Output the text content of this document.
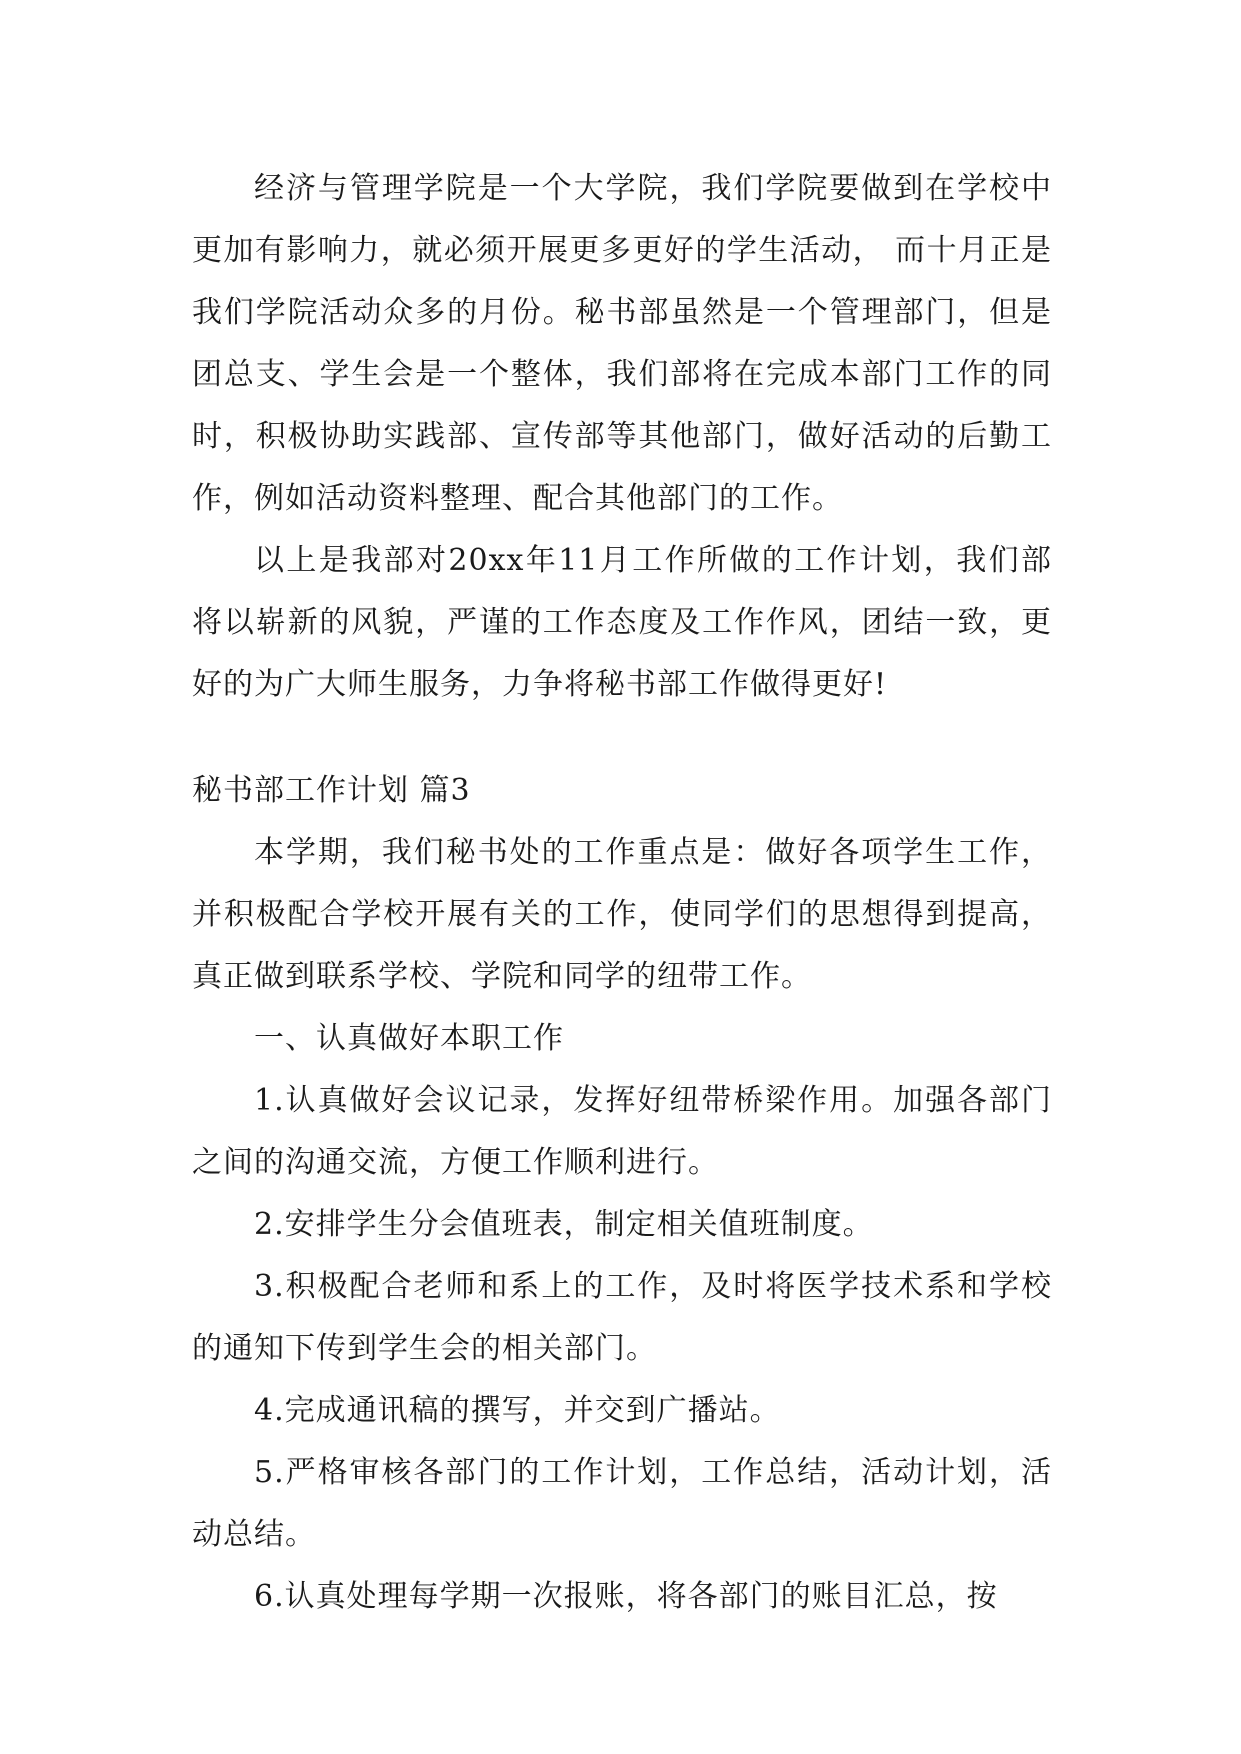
经济与管理学院是一个大学院，我们学院要做到在学校中更加有影响力，就必须开展更多更好的学生活动， 而十月正是我们学院活动众多的月份。秘书部虽然是一个管理部门，但是团总支、学生会是一个整体，我们部将在完成本部门工作的同时，积极协助实践部、宣传部等其他部门，做好活动的后勤工作，例如活动资料整理、配合其他部门的工作。

以上是我部对20xx年11月工作所做的工作计划，我们部将以崭新的风貌，严谨的工作态度及工作作风，团结一致，更好的为广大师生服务，力争将秘书部工作做得更好!

秘书部工作计划 篇3

本学期，我们秘书处的工作重点是：做好各项学生工作，并积极配合学校开展有关的工作，使同学们的思想得到提高，真正做到联系学校、学院和同学的纽带工作。

一、认真做好本职工作

1.认真做好会议记录，发挥好纽带桥梁作用。加强各部门之间的沟通交流，方便工作顺利进行。

2.安排学生分会值班表，制定相关值班制度。

3.积极配合老师和系上的工作，及时将医学技术系和学校的通知下传到学生会的相关部门。

4.完成通讯稿的撰写，并交到广播站。

5.严格审核各部门的工作计划，工作总结，活动计划，活动总结。

6.认真处理每学期一次报账，将各部门的账目汇总，按
